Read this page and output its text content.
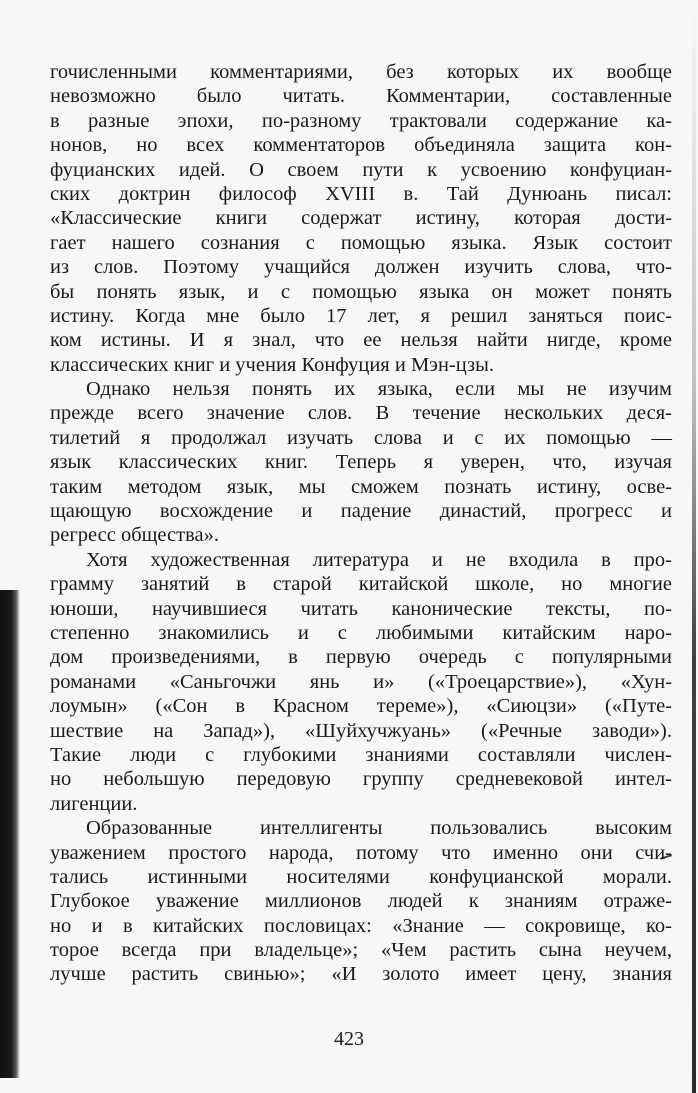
гочисленными комментариями, без которых их вообще
невозможно было читать. Комментарии, составленные
в разные эпохи, по-разному трактовали содержание ка-
нонов, но всех комментаторов объединяла защита кон-
фуцианских идей. О своем пути к усвоению конфуциан-
ских доктрин философ XVIII в. Тай Дунюань писал:
«Классические книги содержат истину, которая дости-
гает нашего сознания с помощью языка. Язык состоит
из слов. Поэтому учащийся должен изучить слова, что-
бы понять язык, и с помощью языка он может понять
истину. Когда мне было 17 лет, я решил заняться поис-
ком истины. И я знал, что ее нельзя найти нигде, кроме
классических книг и учения Конфуция и Мэн-цзы.
Однако нельзя понять их языка, если мы не изучим
прежде всего значение слов. В течение нескольких деся-
тилетий я продолжал изучать слова и с их помощью —
язык классических книг. Теперь я уверен, что, изучая
таким методом язык, мы сможем познать истину, осве-
щающую восхождение и падение династий, прогресс и
регресс общества».
Хотя художественная литература и не входила в про-
грамму занятий в старой китайской школе, но многие
юноши, научившиеся читать канонические тексты, по-
степенно знакомились и с любимыми китайским наро-
дом произведениями, в первую очередь с популярными
романами «Саньгочжи янь и» («Троецарствие»), «Хун-
лоумын» («Сон в Красном тереме»), «Сиюцзи» («Путе-
шествие на Запад»), «Шуйхучжуань» («Речные заводи»).
Такие люди с глубокими знаниями составляли числен-
но небольшую передовую группу средневековой интел-
лигенции.
Образованные интеллигенты пользовались высоким
уважением простого народа, потому что именно они счи-
тались истинными носителями конфуцианской морали.
Глубокое уважение миллионов людей к знаниям отраже-
но и в китайских пословицах: «Знание — сокровище, ко-
торое всегда при владельце»; «Чем растить сына неучем,
лучше растить свинью»; «И золото имеет цену, знания
423
